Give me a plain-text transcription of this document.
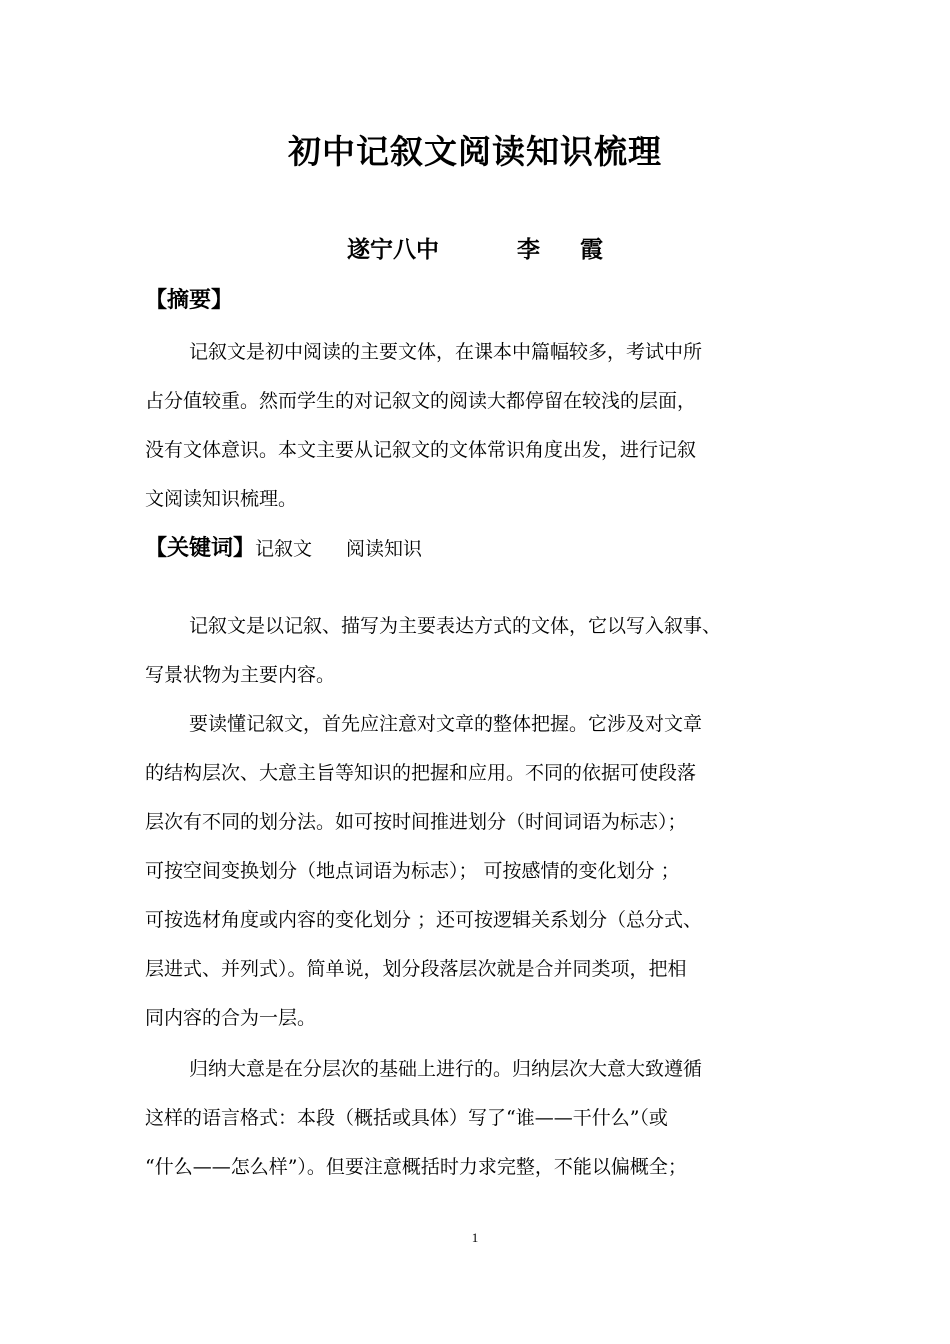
初中记叙文阅读知识梳理
遂宁八中	李 霞
【摘要】

记叙文是初中阅读的主要文体，在课本中篇幅较多，考试中所
占分值较重。然而学生的对记叙文的阅读大都停留在较浅的层面，
没有文体意识。本文主要从记叙文的文体常识角度出发，进行记叙
文阅读知识梳理。

【关键词】记叙文 阅读知识

记叙文是以记叙、描写为主要表达方式的文体，它以写入叙事、
写景状物为主要内容。

要读懂记叙文，首先应注意对文章的整体把握。它涉及对文章
的结构层次、大意主旨等知识的把握和应用。不同的依据可使段落
层次有不同的划分法。如可按时间推进划分（时间词语为标志）；
可按空间变换划分（地点词语为标志）； 可按感情的变化划分 ；
可按选材角度或内容的变化划分 ；还可按逻辑关系划分（总分式、
层进式、并列式）。简单说，划分段落层次就是合并同类项，把相
同内容的合为一层。

归纳大意是在分层次的基础上进行的。归纳层次大意大致遵循
这样的语言格式：本段（概括或具体）写了“谁——干什么”（或
“什么——怎么样”）。但要注意概括时力求完整，不能以偏概全；

1
